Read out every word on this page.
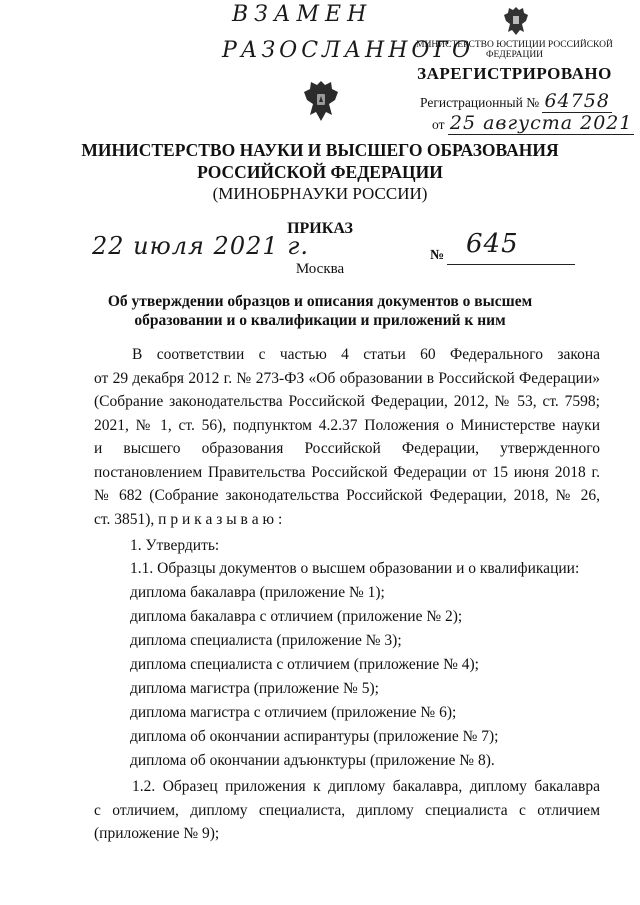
ВЗАМЕН
РАЗОСЛАННОГО
МИНИСТЕРСТВО ЮСТИЦИИ РОССИЙСКОЙ ФЕДЕРАЦИИ
ЗАРЕГИСТРИРОВАНО
Регистрационный № 64758
от 25 августа 2021
МИНИСТЕРСТВО НАУКИ И ВЫСШЕГО ОБРАЗОВАНИЯ
РОССИЙСКОЙ ФЕДЕРАЦИИ
(МИНОБРНАУКИ РОССИИ)
ПРИКАЗ
22 июля 2021 г.	№ 645
Москва
Об утверждении образцов и описания документов о высшем
образовании и о квалификации и приложений к ним
В соответствии с частью 4 статьи 60 Федерального закона
от 29 декабря 2012 г. № 273-ФЗ «Об образовании в Российской Федерации»
(Собрание законодательства Российской Федерации, 2012, № 53, ст. 7598;
2021, № 1, ст. 56), подпунктом 4.2.37 Положения о Министерстве науки
и высшего образования Российской Федерации, утвержденного
постановлением Правительства Российской Федерации от 15 июня 2018 г.
№ 682 (Собрание законодательства Российской Федерации, 2018, № 26,
ст. 3851), п р и к а з ы в а ю :
1. Утвердить:
1.1. Образцы документов о высшем образовании и о квалификации:
диплома бакалавра (приложение № 1);
диплома бакалавра с отличием (приложение № 2);
диплома специалиста (приложение № 3);
диплома специалиста с отличием (приложение № 4);
диплома магистра (приложение № 5);
диплома магистра с отличием (приложение № 6);
диплома об окончании аспирантуры (приложение № 7);
диплома об окончании адъюнктуры (приложение № 8).
1.2. Образец приложения к диплому бакалавра, диплому бакалавра
с отличием, диплому специалиста, диплому специалиста с отличием
(приложение № 9);
